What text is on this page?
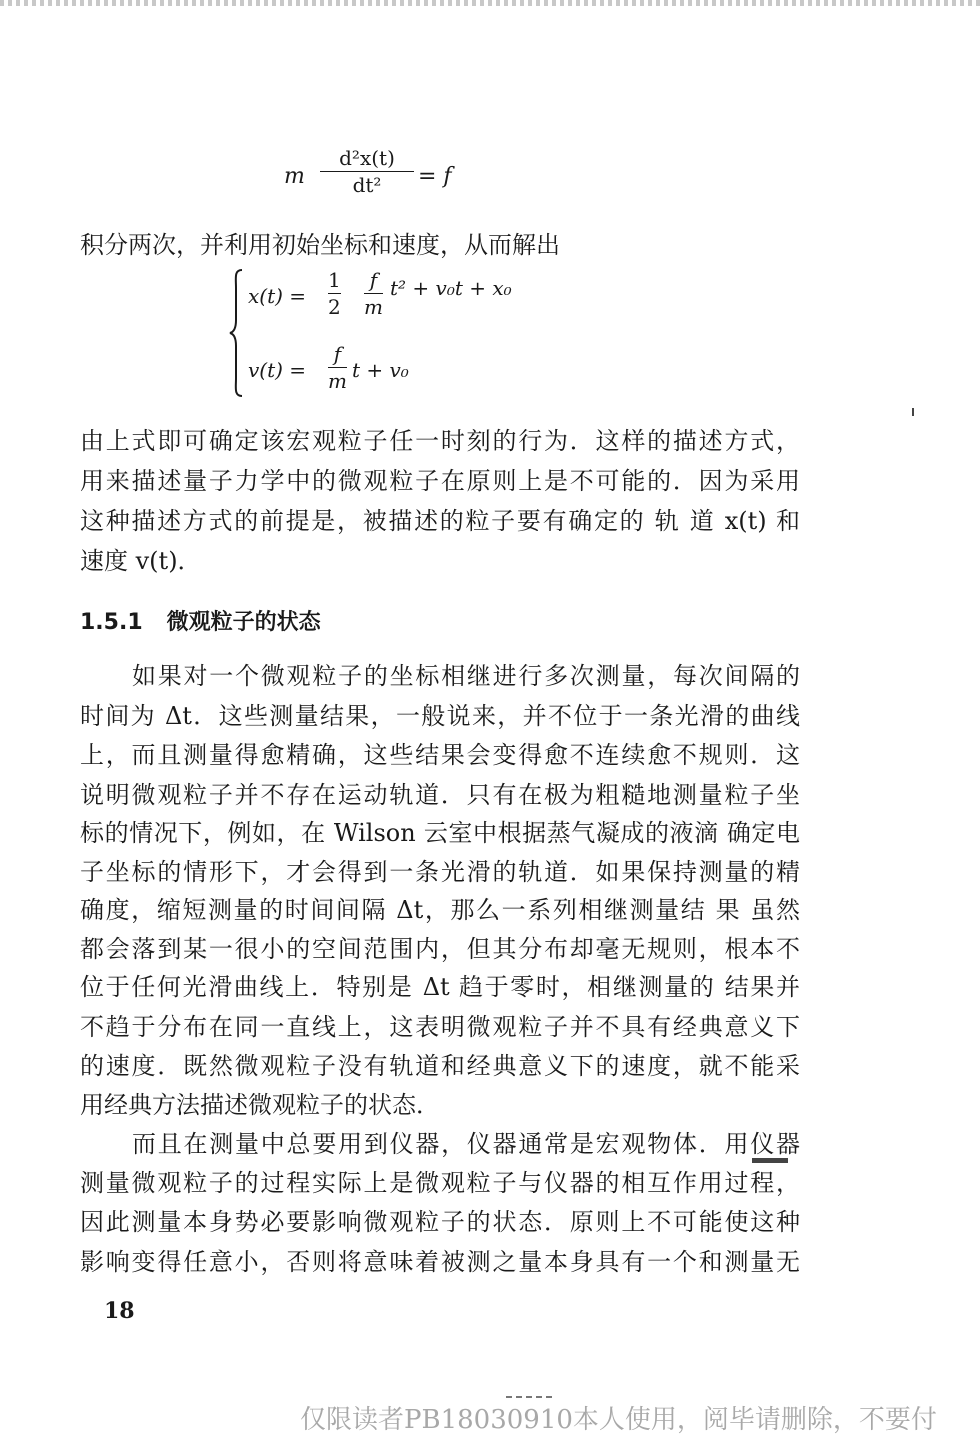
m
d²x(t)
dt² = f
积分两次，并利用初始坐标和速度，从而解出
x(t) =
1
2
f
m
t² + v₀t + x₀
v(t) =
f
m t + v₀
由上式即可确定该宏观粒子任一时刻的行为．这样的描述方式，
用来描述量子力学中的微观粒子在原则上是不可能的．因为采用
这种描述方式的前提是，被描述的粒子要有确定的 轨 道 x(t) 和
速度 v(t)．
1.5.1 微观粒子的状态
如果对一个微观粒子的坐标相继进行多次测量，每次间隔的
时间为 Δt．这些测量结果，一般说来，并不位于一条光滑的曲线
上，而且测量得愈精确，这些结果会变得愈不连续愈不规则．这
说明微观粒子并不存在运动轨道．只有在极为粗糙地测量粒子坐
标的情况下，例如，在 Wilson 云室中根据蒸气凝成的液滴 确定电
子坐标的情形下，才会得到一条光滑的轨道．如果保持测量的精
确度，缩短测量的时间间隔 Δt，那么一系列相继测量结 果 虽然
都会落到某一很小的空间范围内，但其分布却毫无规则，根本不
位于任何光滑曲线上．特别是 Δt 趋于零时，相继测量的 结果并
不趋于分布在同一直线上，这表明微观粒子并不具有经典意义下
的速度．既然微观粒子没有轨道和经典意义下的速度，就不能采
用经典方法描述微观粒子的状态．
而且在测量中总要用到仪器，仪器通常是宏观物体．用仪器
测量微观粒子的过程实际上是微观粒子与仪器的相互作用过程，
因此测量本身势必要影响微观粒子的状态．原则上不可能使这种
影响变得任意小，否则将意味着被测之量本身具有一个和测量无
18
仅限读者PB18030910本人使用，阅毕请删除，不要付
